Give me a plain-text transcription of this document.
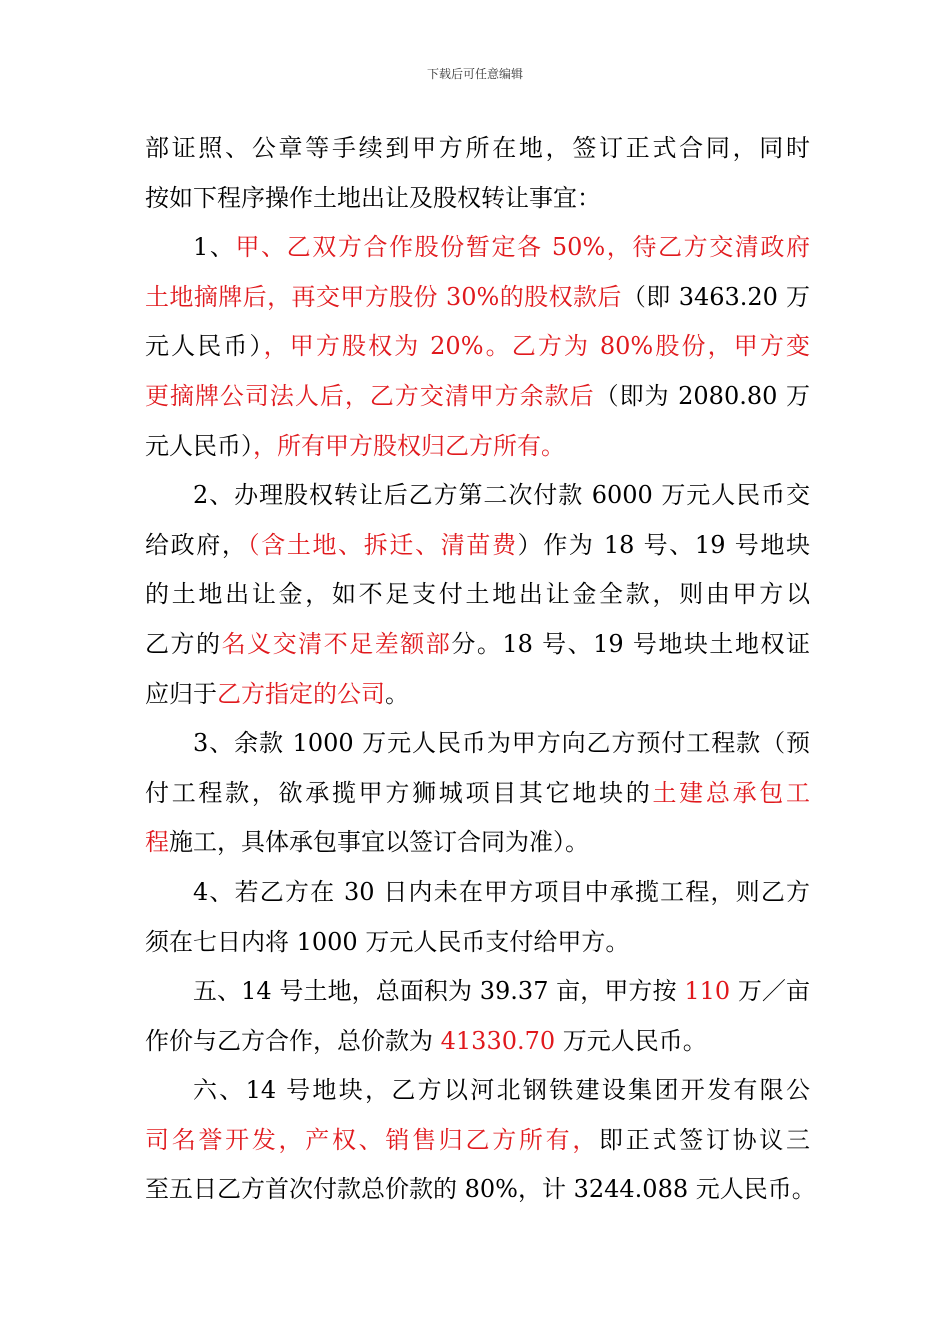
下载后可任意编辑
部证照、公章等手续到甲方所在地，签订正式合同，同时
按如下程序操作土地出让及股权转让事宜：
1、甲、乙双方合作股份暂定各 50%，待乙方交清政府
土地摘牌后，再交甲方股份 30%的股权款后（即 3463.20 万
元人民币），甲方股权为 20%。乙方为 80%股份，甲方变
更摘牌公司法人后，乙方交清甲方余款后（即为 2080.80 万
元人民币），所有甲方股权归乙方所有。
2、办理股权转让后乙方第二次付款 6000 万元人民币交
给政府，（含土地、拆迁、清苗费）作为 18 号、19 号地块
的土地出让金，如不足支付土地出让金全款，则由甲方以
乙方的名义交清不足差额部分。18 号、19 号地块土地权证
应归于乙方指定的公司。
3、余款 1000 万元人民币为甲方向乙方预付工程款（预
付工程款，欲承揽甲方狮城项目其它地块的土建总承包工
程施工，具体承包事宜以签订合同为准）。
4、若乙方在 30 日内未在甲方项目中承揽工程，则乙方
须在七日内将 1000 万元人民币支付给甲方。
五、14 号土地，总面积为 39.37 亩，甲方按 110 万／亩
作价与乙方合作，总价款为 41330.70 万元人民币。
六、14 号地块，乙方以河北钢铁建设集团开发有限公
司名誉开发，产权、销售归乙方所有，即正式签订协议三
至五日乙方首次付款总价款的 80%，计 3244.088 元人民币。
